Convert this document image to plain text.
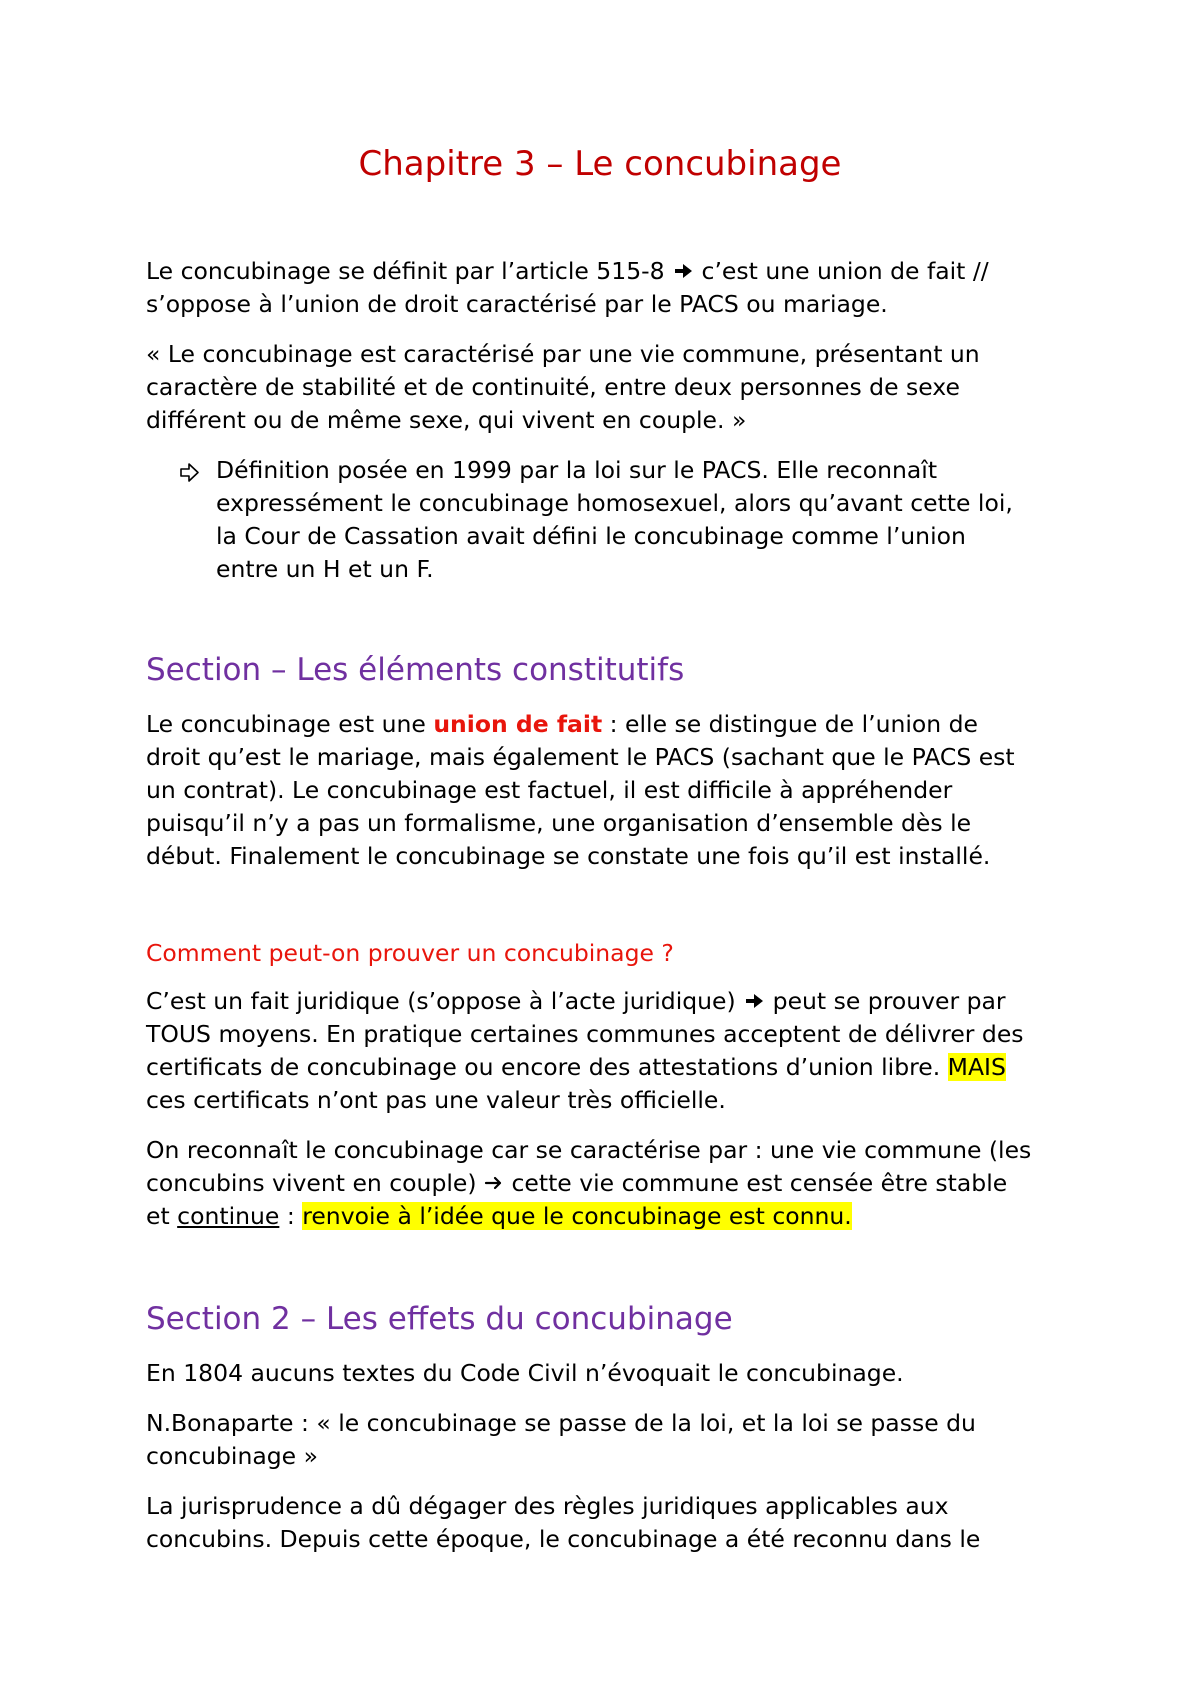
Chapitre 3 – Le concubinage
Le concubinage se définit par l’article 515-8 c’est une union de fait //
s’oppose à l’union de droit caractérisé par le PACS ou mariage.
« Le concubinage est caractérisé par une vie commune, présentant un
caractère de stabilité et de continuité, entre deux personnes de sexe
différent ou de même sexe, qui vivent en couple. »
Définition posée en 1999 par la loi sur le PACS. Elle reconnaît
expressément le concubinage homosexuel, alors qu’avant cette loi,
la Cour de Cassation avait défini le concubinage comme l’union
entre un H et un F.
Section – Les éléments constitutifs
Le concubinage est une union de fait : elle se distingue de l’union de
droit qu’est le mariage, mais également le PACS (sachant que le PACS est
un contrat). Le concubinage est factuel, il est difficile à appréhender
puisqu’il n’y a pas un formalisme, une organisation d’ensemble dès le
début. Finalement le concubinage se constate une fois qu’il est installé.
Comment peut-on prouver un concubinage ?
C’est un fait juridique (s’oppose à l’acte juridique) peut se prouver par
TOUS moyens. En pratique certaines communes acceptent de délivrer des
certificats de concubinage ou encore des attestations d’union libre. MAIS
ces certificats n’ont pas une valeur très officielle.
On reconnaît le concubinage car se caractérise par : une vie commune (les
concubins vivent en couple) cette vie commune est censée être stable
et continue : renvoie à l’idée que le concubinage est connu.
Section 2 – Les effets du concubinage
En 1804 aucuns textes du Code Civil n’évoquait le concubinage.
N.Bonaparte : « le concubinage se passe de la loi, et la loi se passe du
concubinage »
La jurisprudence a dû dégager des règles juridiques applicables aux
concubins. Depuis cette époque, le concubinage a été reconnu dans le
